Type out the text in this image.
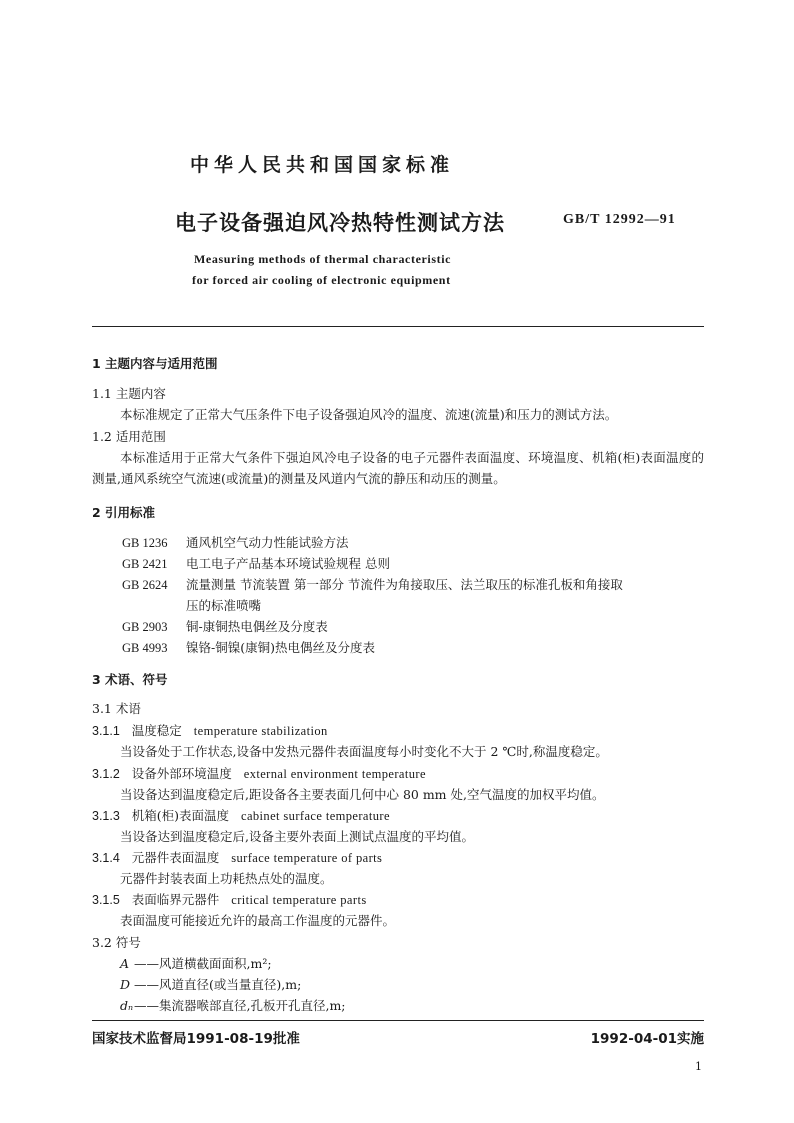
中华人民共和国国家标准
电子设备强迫风冷热特性测试方法	GB/T 12992—91
Measuring methods of thermal characteristic
for forced air cooling of electronic equipment
1 主题内容与适用范围
1.1 主题内容
本标准规定了正常大气压条件下电子设备强迫风冷的温度、流速(流量)和压力的测试方法。
1.2 适用范围
本标准适用于正常大气条件下强迫风冷电子设备的电子元器件表面温度、环境温度、机箱(柜)表面温度的测量,通风系统空气流速(或流量)的测量及风道内气流的静压和动压的测量。
2 引用标准
GB 1236 通风机空气动力性能试验方法
GB 2421 电工电子产品基本环境试验规程 总则
GB 2624 流量测量 节流装置 第一部分 节流件为角接取压、法兰取压的标准孔板和角接取
压的标准喷嘴
GB 2903 铜-康铜热电偶丝及分度表
GB 4993 镍铬-铜镍(康铜)热电偶丝及分度表
3 术语、符号
3.1 术语
3.1.1 温度稳定 temperature stabilization
当设备处于工作状态,设备中发热元器件表面温度每小时变化不大于 2 ℃时,称温度稳定。
3.1.2 设备外部环境温度 external environment temperature
当设备达到温度稳定后,距设备各主要表面几何中心 80 mm 处,空气温度的加权平均值。
3.1.3 机箱(柜)表面温度 cabinet surface temperature
当设备达到温度稳定后,设备主要外表面上测试点温度的平均值。
3.1.4 元器件表面温度 surface temperature of parts
元器件封装表面上功耗热点处的温度。
3.1.5 表面临界元器件 critical temperature parts
表面温度可能接近允许的最高工作温度的元器件。
3.2 符号
A ——风道横截面面积,m²;
D ——风道直径(或当量直径),m;
dₙ——集流器喉部直径,孔板开孔直径,m;
国家技术监督局1991-08-19批准	1992-04-01实施
1
